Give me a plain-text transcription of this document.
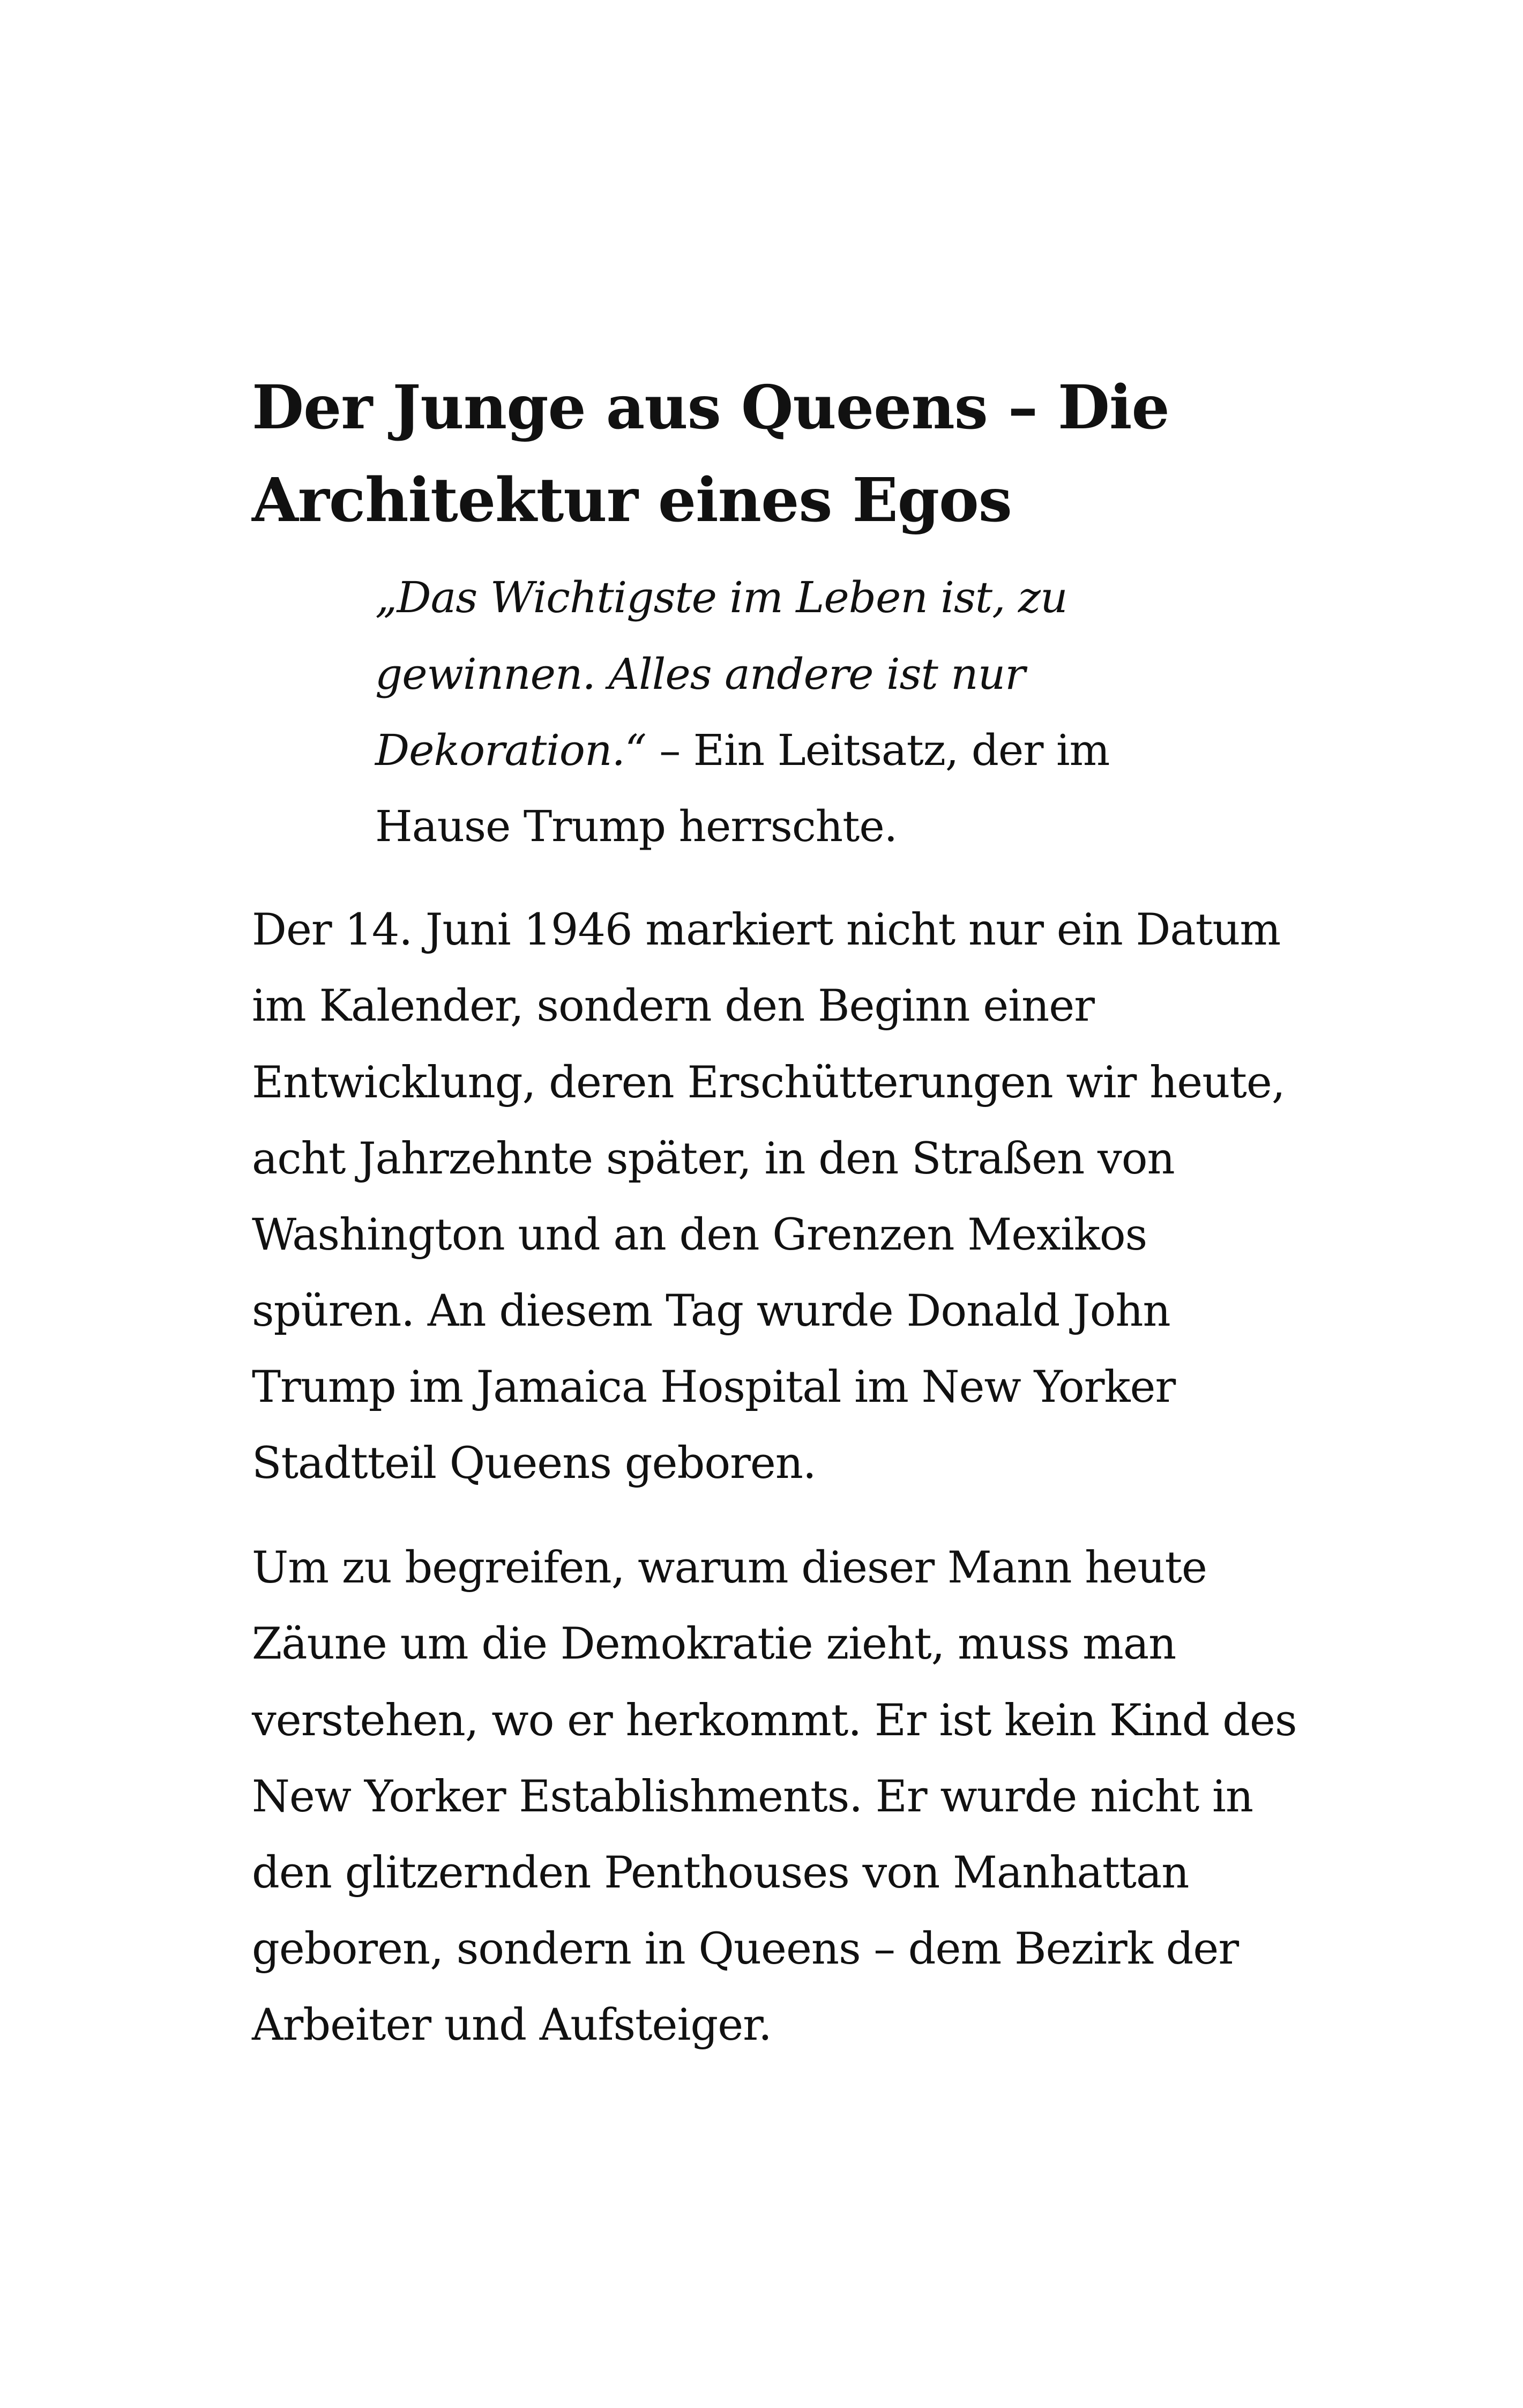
Der Junge aus Queens – Die
Architektur eines Egos

„Das Wichtigste im Leben ist, zu

gewinnen. Alles andere ist nur

Dekoration.“ – Ein Leitsatz, der im

Hause Trump herrschte.

Der 14. Juni 1946 markiert nicht nur ein Datum

im Kalender, sondern den Beginn einer

Entwicklung, deren Erschütterungen wir heute,

acht Jahrzehnte später, in den Straßen von

Washington und an den Grenzen Mexikos

spüren. An diesem Tag wurde Donald John

Trump im Jamaica Hospital im New Yorker

Stadtteil Queens geboren.

Um zu begreifen, warum dieser Mann heute

Zäune um die Demokratie zieht, muss man

verstehen, wo er herkommt. Er ist kein Kind des

New Yorker Establishments. Er wurde nicht in

den glitzernden Penthouses von Manhattan

geboren, sondern in Queens – dem Bezirk der

Arbeiter und Aufsteiger.
